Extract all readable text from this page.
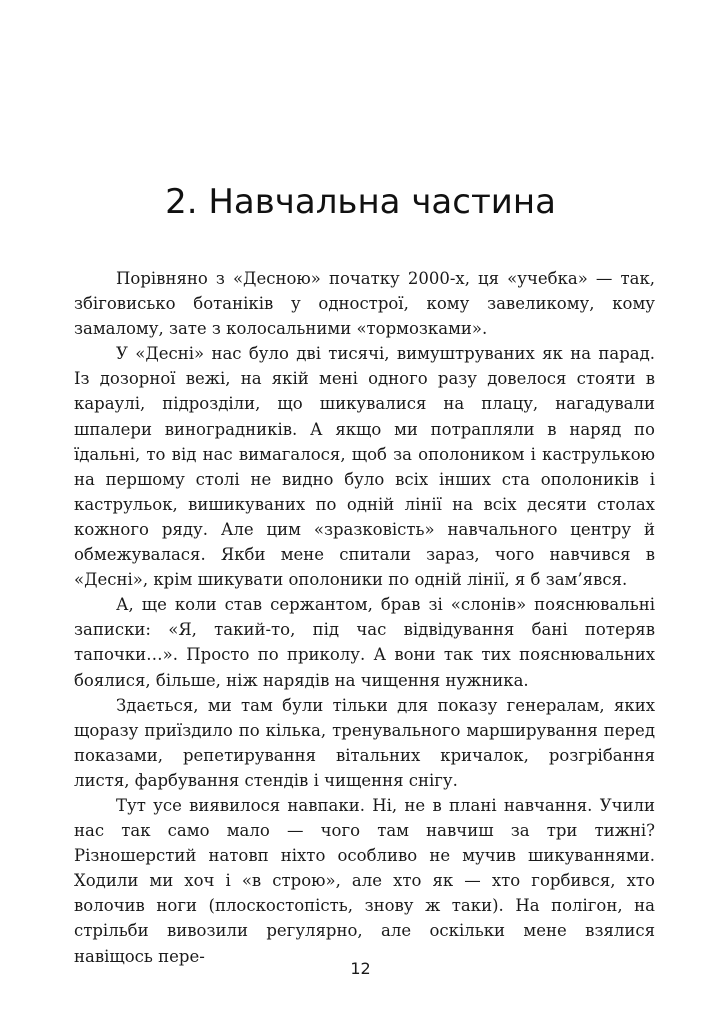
2. Навчальна частина

Порівняно з «Десною» початку 2000-х, ця «учебка» — так, збіговисько ботаніків у однострої, кому завеликому, кому замалому, зате з колосальними «тормозками».

У «Десні» нас було дві тисячі, вимуштруваних як на парад. Із дозорної вежі, на якій мені одного разу довелося стояти в караулі, підрозділи, що шикувалися на плацу, нагадували шпалери виноградників. А якщо ми потрапляли в наряд по їдальні, то від нас вимагалося, щоб за ополоником і каструлькою на першому столі не видно було всіх інших ста ополоників і каструльок, вишикуваних по одній лінії на всіх десяти столах кожного ряду. Але цим «зразковість» навчального центру й обмежувалася. Якби мене спитали зараз, чого навчився в «Десні», крім шикувати ополоники по одній лінії, я б зам’явся.

А, ще коли став сержантом, брав зі «слонів» пояснювальні записки: «Я, такий-то, під час відвідування бані потеряв тапочки…». Просто по приколу. А вони так тих пояснювальних боялися, більше, ніж нарядів на чищення нужника.

Здається, ми там були тільки для показу генералам, яких щоразу приїздило по кілька, тренувального марширування перед показами, репетирування вітальних кричалок, розгрібання листя, фарбування стендів і чищення снігу.

Тут усе виявилося навпаки. Ні, не в плані навчання. Учили нас так само мало — чого там навчиш за три тижні? Різношерстий натовп ніхто особливо не мучив шикуваннями. Ходили ми хоч і «в строю», але хто як — хто горбився, хто волочив ноги (плоскостопість, знову ж таки). На полігон, на стрільби вивозили регулярно, але оскільки мене взялися навіщось пере-

12
